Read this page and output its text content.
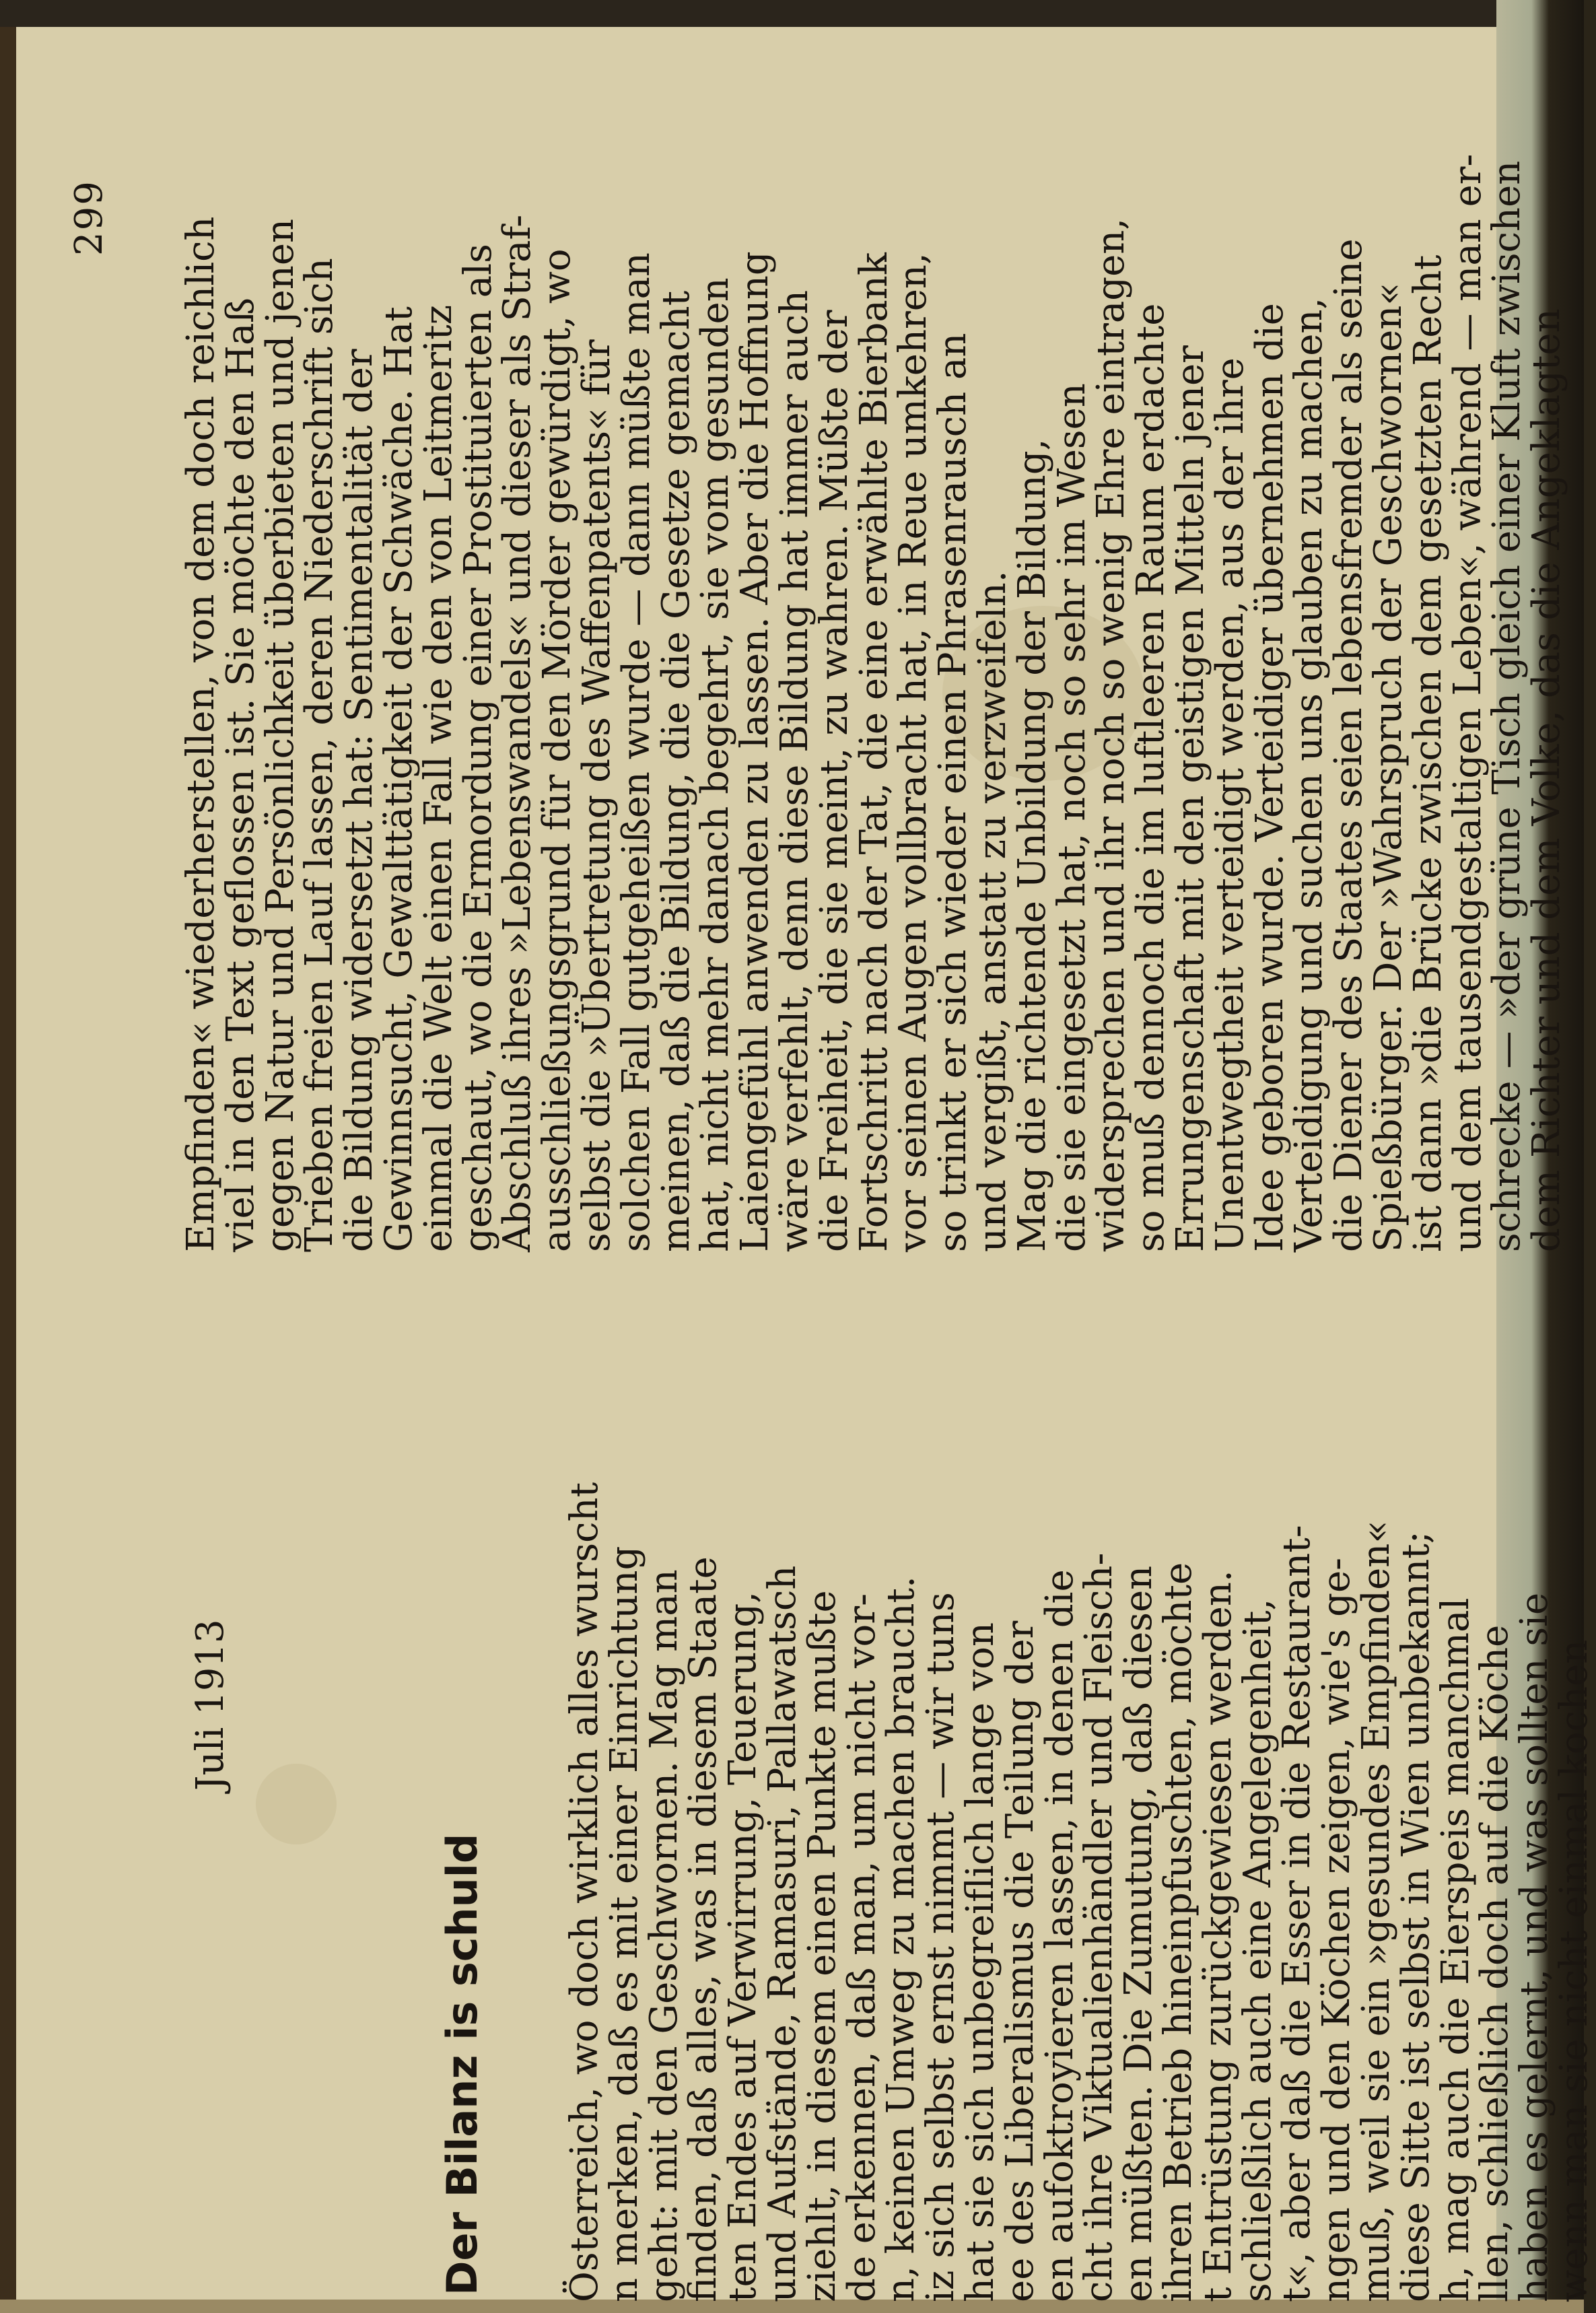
299
Juli 1913
Der Bilanz is schuld Österreich, wo doch wirklich alles wurscht

n merken, daß es mit einer Einrichtung

geht: mit den Geschwornen. Mag man

finden, daß alles, was in diesem Staate

ten Endes auf Verwirrung, Teuerung,

und Aufstände, Ramasuri, Pallawatsch

ziehlt, in diesem einen Punkte mußte

de erkennen, daß man, um nicht vor-

n, keinen Umweg zu machen braucht.

iz sich selbst ernst nimmt — wir tuns

hat sie sich unbegreiflich lange von

ee des Liberalismus die Teilung der

en aufoktroyieren lassen, in denen die

cht ihre Viktualienhändler und Fleisch-

en müßten. Die Zumutung, daß diesen

ihren Betrieb hineinpfuschten, möchte

t Entrüstung zurückgewiesen werden.

schließlich auch eine Angelegenheit,

t«, aber daß die Esser in die Restaurant-

ngen und den Köchen zeigen, wie's ge-

muß, weil sie ein »gesundes Empfinden«

diese Sitte ist selbst in Wien unbekannt;

h, mag auch die Eierspeis manchmal

llen, schließlich doch auf die Köche

haben es gelernt, und was sollten sie

wenn man sie nicht einmal kochen

Empfinden« wiederherstellen, von dem doch reichlich

viel in den Text geflossen ist. Sie möchte den Haß

gegen Natur und Persönlichkeit überbieten und jenen

Trieben freien Lauf lassen, deren Niederschrift sich

die Bildung widersetzt hat: Sentimentalität der

Gewinnsucht, Gewalttätigkeit der Schwäche. Hat

einmal die Welt einen Fall wie den von Leitmeritz

geschaut, wo die Ermordung einer Prostituierten als

Abschluß ihres »Lebenswandels« und dieser als Straf-

ausschließungsgrund für den Mörder gewürdigt, wo

selbst die »Übertretung des Waffenpatents« für

solchen Fall gutgeheißen wurde — dann müßte man

meinen, daß die Bildung, die die Gesetze gemacht

hat, nicht mehr danach begehrt, sie vom gesunden

Laiengefühl anwenden zu lassen. Aber die Hoffnung

wäre verfehlt, denn diese Bildung hat immer auch

die Freiheit, die sie meint, zu wahren. Müßte der

Fortschritt nach der Tat, die eine erwählte Bierbank

vor seinen Augen vollbracht hat, in Reue umkehren,

so trinkt er sich wieder einen Phrasenrausch an

und vergißt, anstatt zu verzweifeln.

Mag die richtende Unbildung der Bildung,

die sie eingesetzt hat, noch so sehr im Wesen

widersprechen und ihr noch so wenig Ehre eintragen,

so muß dennoch die im luftleeren Raum erdachte

Errungenschaft mit den geistigen Mitteln jener

Unentwegtheit verteidigt werden, aus der ihre

Idee geboren wurde. Verteidiger übernehmen die

Verteidigung und suchen uns glauben zu machen,

die Diener des Staates seien lebensfremder als seine

Spießbürger. Der »Wahrspruch der Geschwornen«

ist dann »die Brücke zwischen dem gesetzten Recht

und dem tausendgestaltigen Leben«, während — man er-

schrecke — »der grüne Tisch gleich einer Kluft zwischen

dem Richter und dem Volke, das die Angeklagten
